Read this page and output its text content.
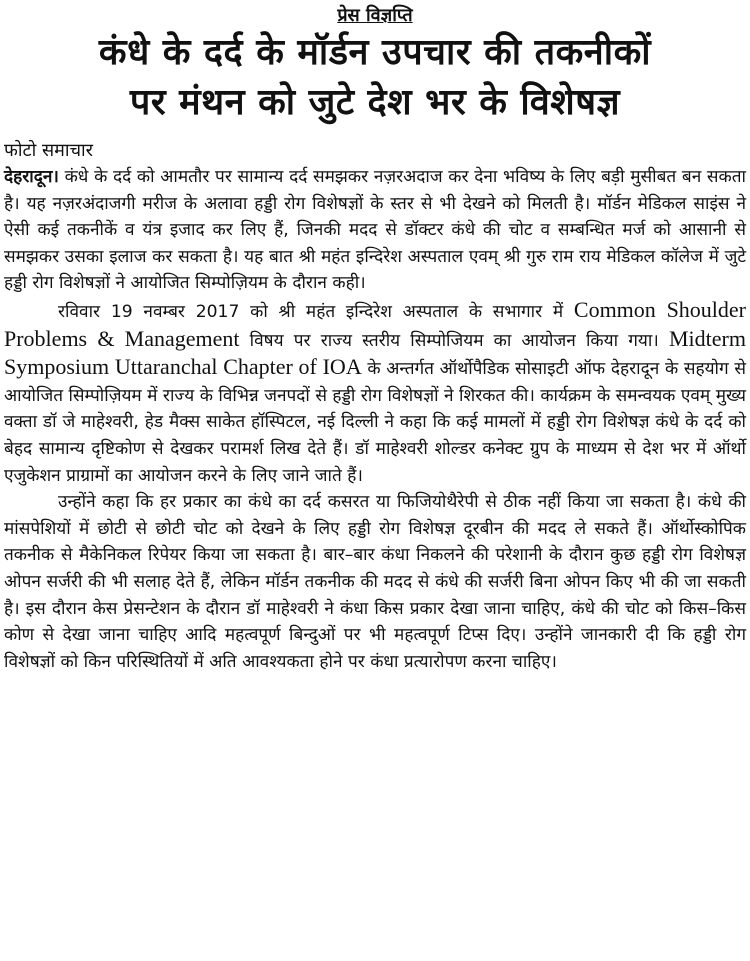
प्रेस विज्ञप्ति

कंधे के दर्द के मॉर्डन उपचार की तकनीकों
पर मंथन को जुटे देश भर के विशेषज्ञ

फोटो समाचार

देहरादून। कंधे के दर्द को आमतौर पर सामान्य दर्द समझकर नज़रअदाज कर देना भविष्य के लिए बड़ी मुसीबत बन सकता है। यह नज़रअंदाजगी मरीज के अलावा हड्डी रोग विशेषज्ञों के स्तर से भी देखने को मिलती है। मॉर्डन मेडिकल साइंस ने ऐसी कई तकनीकें व यंत्र इजाद कर लिए हैं, जिनकी मदद से डॉक्टर कंधे की चोट व सम्बन्धित मर्ज को आसानी से समझकर उसका इलाज कर सकता है। यह बात श्री महंत इन्दिरेश अस्पताल एवम् श्री गुरु राम राय मेडिकल कॉलेज में जुटे हड्डी रोग विशेषज्ञों ने आयोजित सिम्पोज़ियम के दौरान कही।

रविवार 19 नवम्बर 2017 को श्री महंत इन्दिरेश अस्पताल के सभागार में Common Shoulder Problems & Management विषय पर राज्य स्तरीय सिम्पोजियम का आयोजन किया गया। Midterm Symposium Uttaranchal Chapter of IOA के अन्तर्गत ऑर्थोपैडिक सोसाइटी ऑफ देहरादून के सहयोग से आयोजित सिम्पोज़ियम में राज्य के विभिन्न जनपदों से हड्डी रोग विशेषज्ञों ने शिरकत की। कार्यक्रम के समन्वयक एवम् मुख्य वक्ता डॉ जे माहेश्वरी, हेड मैक्स साकेत हॉस्पिटल, नई दिल्ली ने कहा कि कई मामलों में हड्डी रोग विशेषज्ञ कंधे के दर्द को बेहद सामान्य दृष्टिकोण से देखकर परामर्श लिख देते हैं। डॉ माहेश्वरी शोल्डर कनेक्ट ग्रुप के माध्यम से देश भर में ऑर्थो एजुकेशन प्राग्रामों का आयोजन करने के लिए जाने जाते हैं।

उन्होंने कहा कि हर प्रकार का कंधे का दर्द कसरत या फिजियोथैरेपी से ठीक नहीं किया जा सकता है। कंधे की मांसपेशियों में छोटी से छोटी चोट को देखने के लिए हड्डी रोग विशेषज्ञ दूरबीन की मदद ले सकते हैं। ऑर्थोस्कोपिक तकनीक से मैकेनिकल रिपेयर किया जा सकता है। बार–बार कंधा निकलने की परेशानी के दौरान कुछ हड्डी रोग विशेषज्ञ ओपन सर्जरी की भी सलाह देते हैं, लेकिन मॉर्डन तकनीक की मदद से कंधे की सर्जरी बिना ओपन किए भी की जा सकती है। इस दौरान केस प्रेसन्टेशन के दौरान डॉ माहेश्वरी ने कंधा किस प्रकार देखा जाना चाहिए, कंधे की चोट को किस–किस कोण से देखा जाना चाहिए आदि महत्वपूर्ण बिन्दुओं पर भी महत्वपूर्ण टिप्स दिए। उन्होंने जानकारी दी कि हड्डी रोग विशेषज्ञों को किन परिस्थितियों में अति आवश्यकता होने पर कंधा प्रत्यारोपण करना चाहिए।
